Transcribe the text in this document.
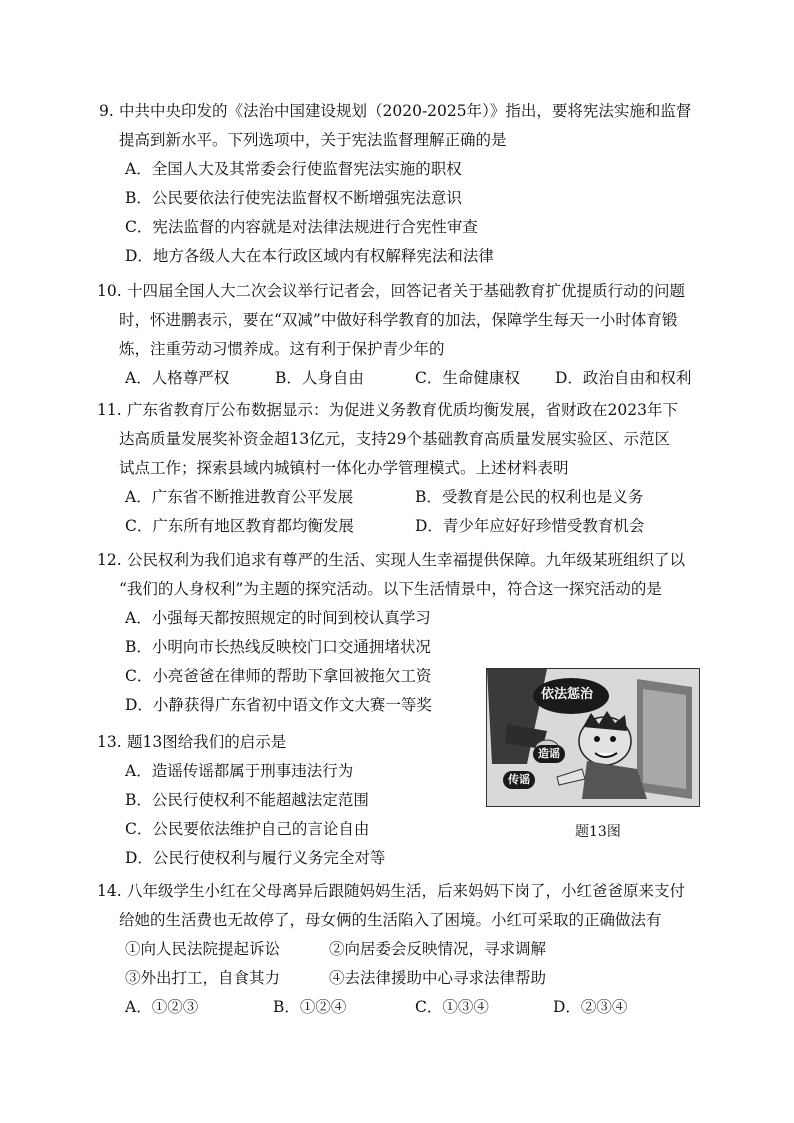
9. 中共中央印发的《法治中国建设规划（2020-2025年）》指出，要将宪法实施和监督
提高到新水平。下列选项中，关于宪法监督理解正确的是
A．全国人大及其常委会行使监督宪法实施的职权
B．公民要依法行使宪法监督权不断增强宪法意识
C．宪法监督的内容就是对法律法规进行合宪性审查
D．地方各级人大在本行政区域内有权解释宪法和法律
10. 十四届全国人大二次会议举行记者会，回答记者关于基础教育扩优提质行动的问题
时，怀进鹏表示，要在“双减”中做好科学教育的加法，保障学生每天一小时体育锻
炼，注重劳动习惯养成。这有利于保护青少年的
A．人格尊严权	B．人身自由	C．生命健康权 D．政治自由和权利
11. 广东省教育厅公布数据显示：为促进义务教育优质均衡发展，省财政在2023年下
达高质量发展奖补资金超13亿元，支持29个基础教育高质量发展实验区、示范区
试点工作；探索县域内城镇村一体化办学管理模式。上述材料表明
A．广东省不断推进教育公平发展	B．受教育是公民的权利也是义务
C．广东所有地区教育都均衡发展	D．青少年应好好珍惜受教育机会
12. 公民权利为我们追求有尊严的生活、实现人生幸福提供保障。九年级某班组织了以
“我们的人身权利”为主题的探究活动。以下生活情景中，符合这一探究活动的是
A．小强每天都按照规定的时间到校认真学习
B．小明向市长热线反映校门口交通拥堵状况
C．小亮爸爸在律师的帮助下拿回被拖欠工资
D．小静获得广东省初中语文作文大赛一等奖
13. 题13图给我们的启示是
A．造谣传谣都属于刑事违法行为
B．公民行使权利不能超越法定范围
C．公民要依法维护自己的言论自由
D．公民行使权利与履行义务完全对等
依法惩治
造谣
传谣
题13图
14. 八年级学生小红在父母离异后跟随妈妈生活，后来妈妈下岗了，小红爸爸原来支付
给她的生活费也无故停了，母女俩的生活陷入了困境。小红可采取的正确做法有
①向人民法院提起诉讼	②向居委会反映情况，寻求调解
③外出打工，自食其力	④去法律援助中心寻求法律帮助
A．①②③	B．①②④	C．①③④	D．②③④
